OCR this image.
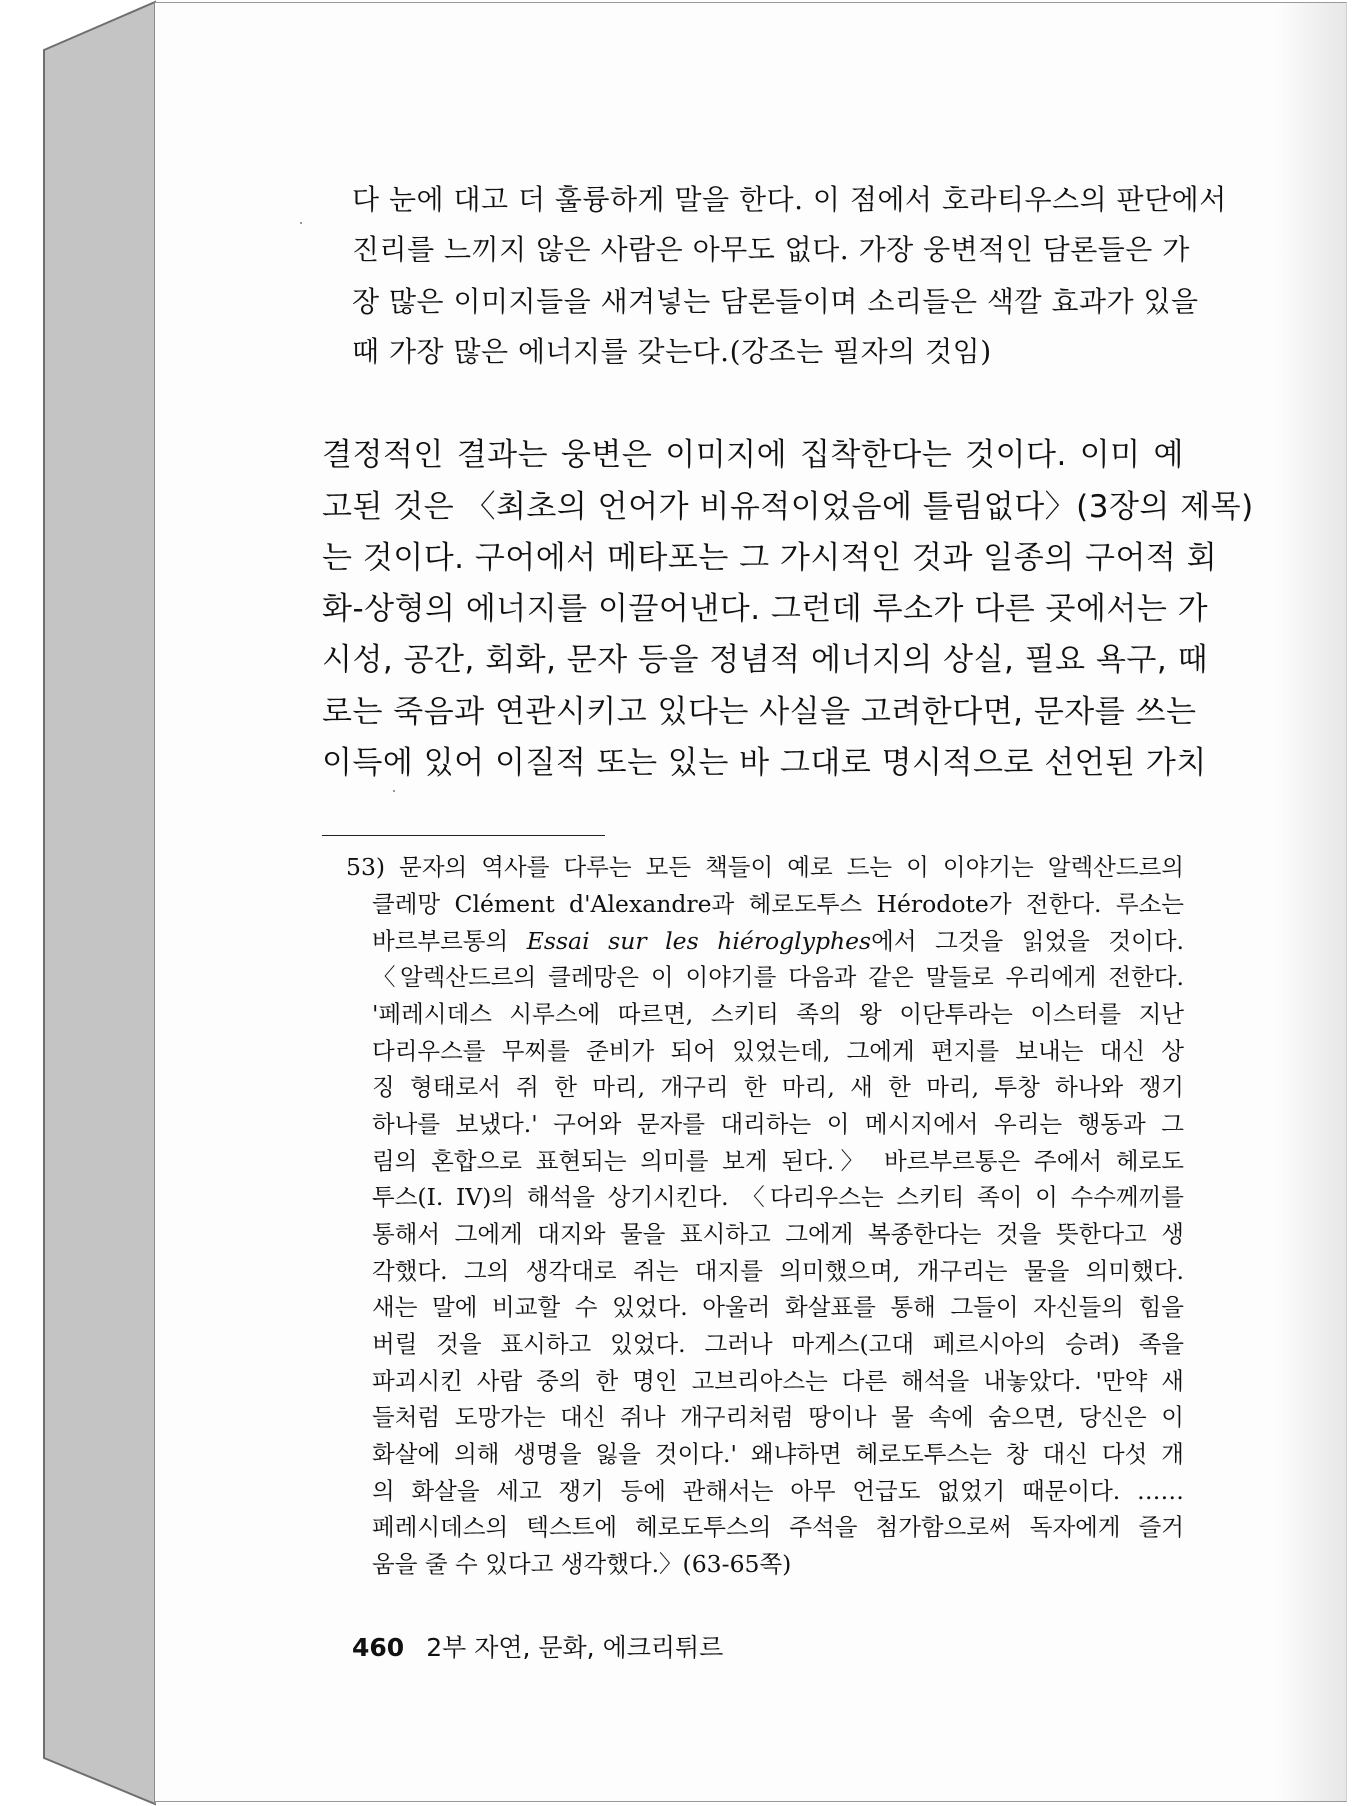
다 눈에 대고 더 훌륭하게 말을 한다. 이 점에서 호라티우스의 판단에서
진리를 느끼지 않은 사람은 아무도 없다. 가장 웅변적인 담론들은 가
장 많은 이미지들을 새겨넣는 담론들이며 소리들은 색깔 효과가 있을
때 가장 많은 에너지를 갖는다.(강조는 필자의 것임)
결정적인 결과는 웅변은 이미지에 집착한다는 것이다. 이미 예
고된 것은 〈최초의 언어가 비유적이었음에 틀림없다〉(3장의 제목)
는 것이다. 구어에서 메타포는 그 가시적인 것과 일종의 구어적 회
화-상형의 에너지를 이끌어낸다. 그런데 루소가 다른 곳에서는 가
시성, 공간, 회화, 문자 등을 정념적 에너지의 상실, 필요 욕구, 때
로는 죽음과 연관시키고 있다는 사실을 고려한다면, 문자를 쓰는
이득에 있어 이질적 또는 있는 바 그대로 명시적으로 선언된 가치
53) 문자의 역사를 다루는 모든 책들이 예로 드는 이 이야기는 알렉산드르의
클레망 Clément d'Alexandre과 헤로도투스 Hérodote가 전한다. 루소는
바르부르통의 Essai sur les hiéroglyphes에서 그것을 읽었을 것이다.
〈알렉산드르의 클레망은 이 이야기를 다음과 같은 말들로 우리에게 전한다.
'페레시데스 시루스에 따르면, 스키티 족의 왕 이단투라는 이스터를 지난
다리우스를 무찌를 준비가 되어 있었는데, 그에게 편지를 보내는 대신 상
징 형태로서 쥐 한 마리, 개구리 한 마리, 새 한 마리, 투창 하나와 쟁기
하나를 보냈다.' 구어와 문자를 대리하는 이 메시지에서 우리는 행동과 그
림의 혼합으로 표현되는 의미를 보게 된다.〉 바르부르통은 주에서 헤로도
투스(I. IV)의 해석을 상기시킨다. 〈다리우스는 스키티 족이 이 수수께끼를
통해서 그에게 대지와 물을 표시하고 그에게 복종한다는 것을 뜻한다고 생
각했다. 그의 생각대로 쥐는 대지를 의미했으며, 개구리는 물을 의미했다.
새는 말에 비교할 수 있었다. 아울러 화살표를 통해 그들이 자신들의 힘을
버릴 것을 표시하고 있었다. 그러나 마게스(고대 페르시아의 승려) 족을
파괴시킨 사람 중의 한 명인 고브리아스는 다른 해석을 내놓았다. '만약 새
들처럼 도망가는 대신 쥐나 개구리처럼 땅이나 물 속에 숨으면, 당신은 이
화살에 의해 생명을 잃을 것이다.' 왜냐하면 헤로도투스는 창 대신 다섯 개
의 화살을 세고 쟁기 등에 관해서는 아무 언급도 없었기 때문이다. ……
페레시데스의 텍스트에 헤로도투스의 주석을 첨가함으로써 독자에게 즐거
움을 줄 수 있다고 생각했다.〉(63-65쪽)
460 2부 자연, 문화, 에크리튀르
